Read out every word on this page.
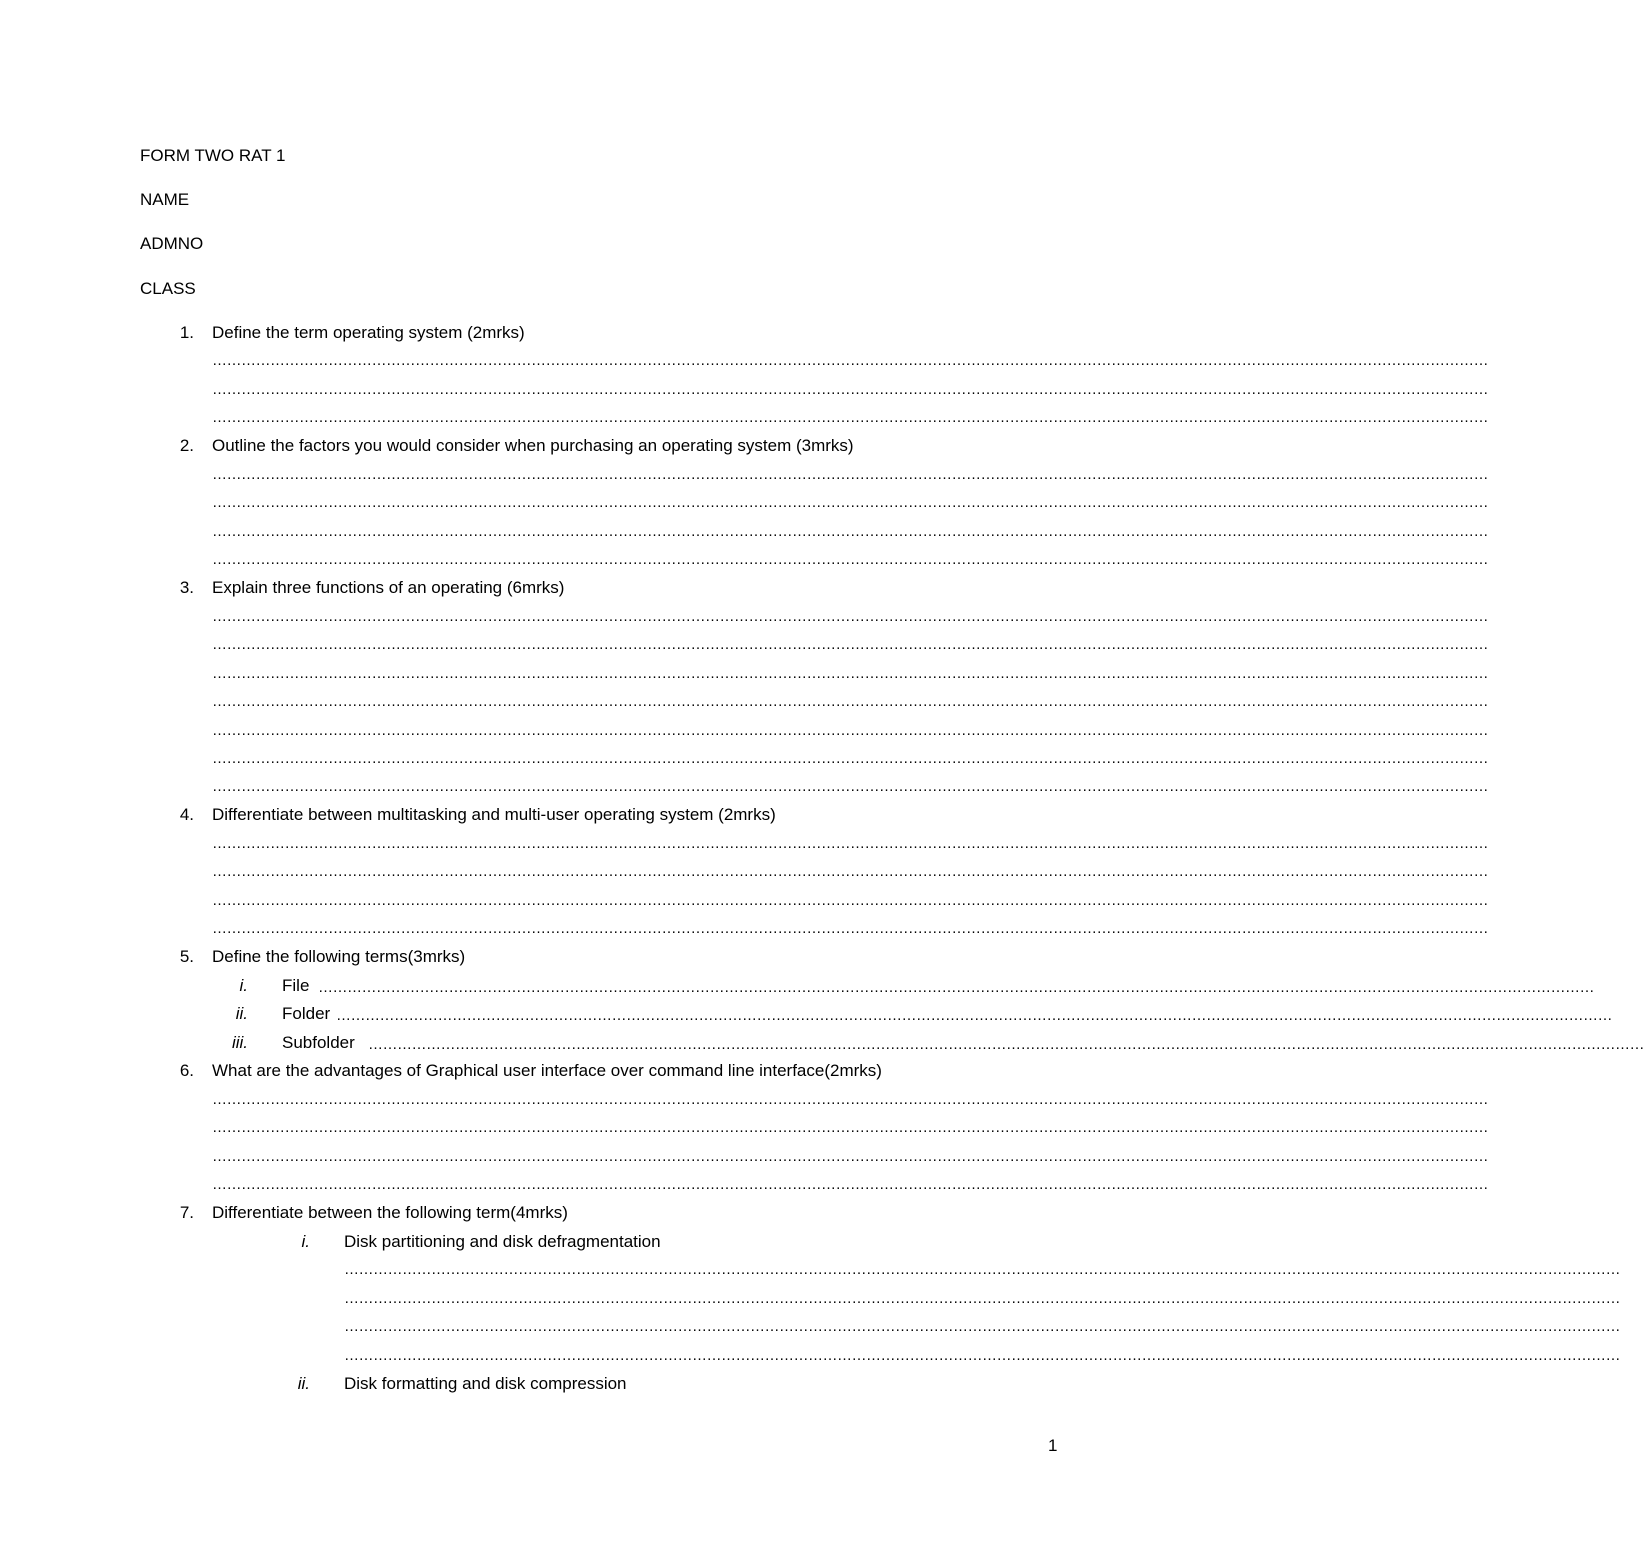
FORM TWO RAT 1
NAME
ADMNO
CLASS
1. Define the term operating system (2mrks)
…………………………………………………………………………………………………………………………………………………………………………………………………………………………………………
…………………………………………………………………………………………………………………………………………………………………………………………………………………………………………
…………………………………………………………………………………………………………………………………………………………………………………………………………………………………………
2. Outline the factors you would consider when purchasing an operating system (3mrks)
…………………………………………………………………………………………………………………………………………………………………………………………………………………………………………
…………………………………………………………………………………………………………………………………………………………………………………………………………………………………………
…………………………………………………………………………………………………………………………………………………………………………………………………………………………………………
…………………………………………………………………………………………………………………………………………………………………………………………………………………………………………
3. Explain three functions of an operating (6mrks)
…………………………………………………………………………………………………………………………………………………………………………………………………………………………………………
…………………………………………………………………………………………………………………………………………………………………………………………………………………………………………
…………………………………………………………………………………………………………………………………………………………………………………………………………………………………………
…………………………………………………………………………………………………………………………………………………………………………………………………………………………………………
…………………………………………………………………………………………………………………………………………………………………………………………………………………………………………
…………………………………………………………………………………………………………………………………………………………………………………………………………………………………………
…………………………………………………………………………………………………………………………………………………………………………………………………………………………………………
4. Differentiate between multitasking and multi-user operating system (2mrks)
…………………………………………………………………………………………………………………………………………………………………………………………………………………………………………
…………………………………………………………………………………………………………………………………………………………………………………………………………………………………………
…………………………………………………………………………………………………………………………………………………………………………………………………………………………………………
…………………………………………………………………………………………………………………………………………………………………………………………………………………………………………
5. Define the following terms(3mrks)
i. File …………………………………………………………………………………………………………………………………………………………………………………………………………………………………………
ii. Folder …………………………………………………………………………………………………………………………………………………………………………………………………………………………………………
iii. Subfolder …………………………………………………………………………………………………………………………………………………………………………………………………………………………………………
6. What are the advantages of Graphical user interface over command line interface(2mrks)
…………………………………………………………………………………………………………………………………………………………………………………………………………………………………………
…………………………………………………………………………………………………………………………………………………………………………………………………………………………………………
…………………………………………………………………………………………………………………………………………………………………………………………………………………………………………
…………………………………………………………………………………………………………………………………………………………………………………………………………………………………………
7. Differentiate between the following term(4mrks)
i. Disk partitioning and disk defragmentation
…………………………………………………………………………………………………………………………………………………………………………………………………………………………………………
…………………………………………………………………………………………………………………………………………………………………………………………………………………………………………
…………………………………………………………………………………………………………………………………………………………………………………………………………………………………………
…………………………………………………………………………………………………………………………………………………………………………………………………………………………………………
ii. Disk formatting and disk compression
1
